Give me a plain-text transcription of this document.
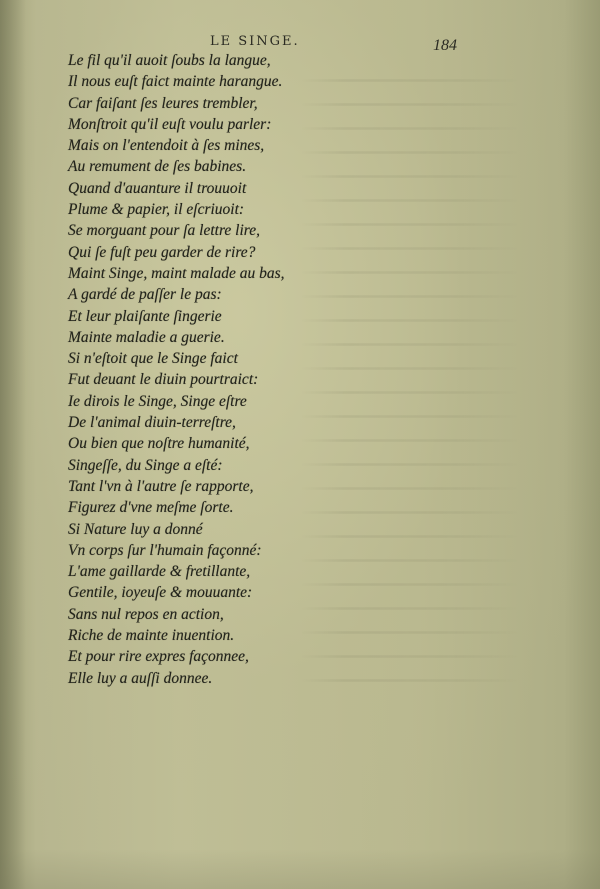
LE SINGE.	184
Le fil qu'il auoit ſoubs la langue,
Il nous euſt faict mainte harangue.
Car faiſant ſes leures trembler,
Monſtroit qu'il euſt voulu parler:
Mais on l'entendoit à ſes mines,
Au remument de ſes babines.
Quand d'auanture il trouuoit
Plume & papier, il eſcriuoit:
Se morguant pour ſa lettre lire,
Qui ſe fuſt peu garder de rire?
Maint Singe, maint malade au bas,
A gardé de paſſer le pas:
Et leur plaiſante ſingerie
Mainte maladie a guerie.
Si n'eſtoit que le Singe faict
Fut deuant le diuin pourtraict:
Ie dirois le Singe, Singe eſtre
De l'animal diuin-terreſtre,
Ou bien que noſtre humanité,
Singeſſe, du Singe a eſté:
Tant l'vn à l'autre ſe rapporte,
Figurez d'vne meſme ſorte.
Si Nature luy a donné
Vn corps ſur l'humain façonné:
L'ame gaillarde & fretillante,
Gentile, ioyeuſe & mouuante:
Sans nul repos en action,
Riche de mainte inuention.
Et pour rire expres façonnee,
Elle luy a auſſi donnee.
